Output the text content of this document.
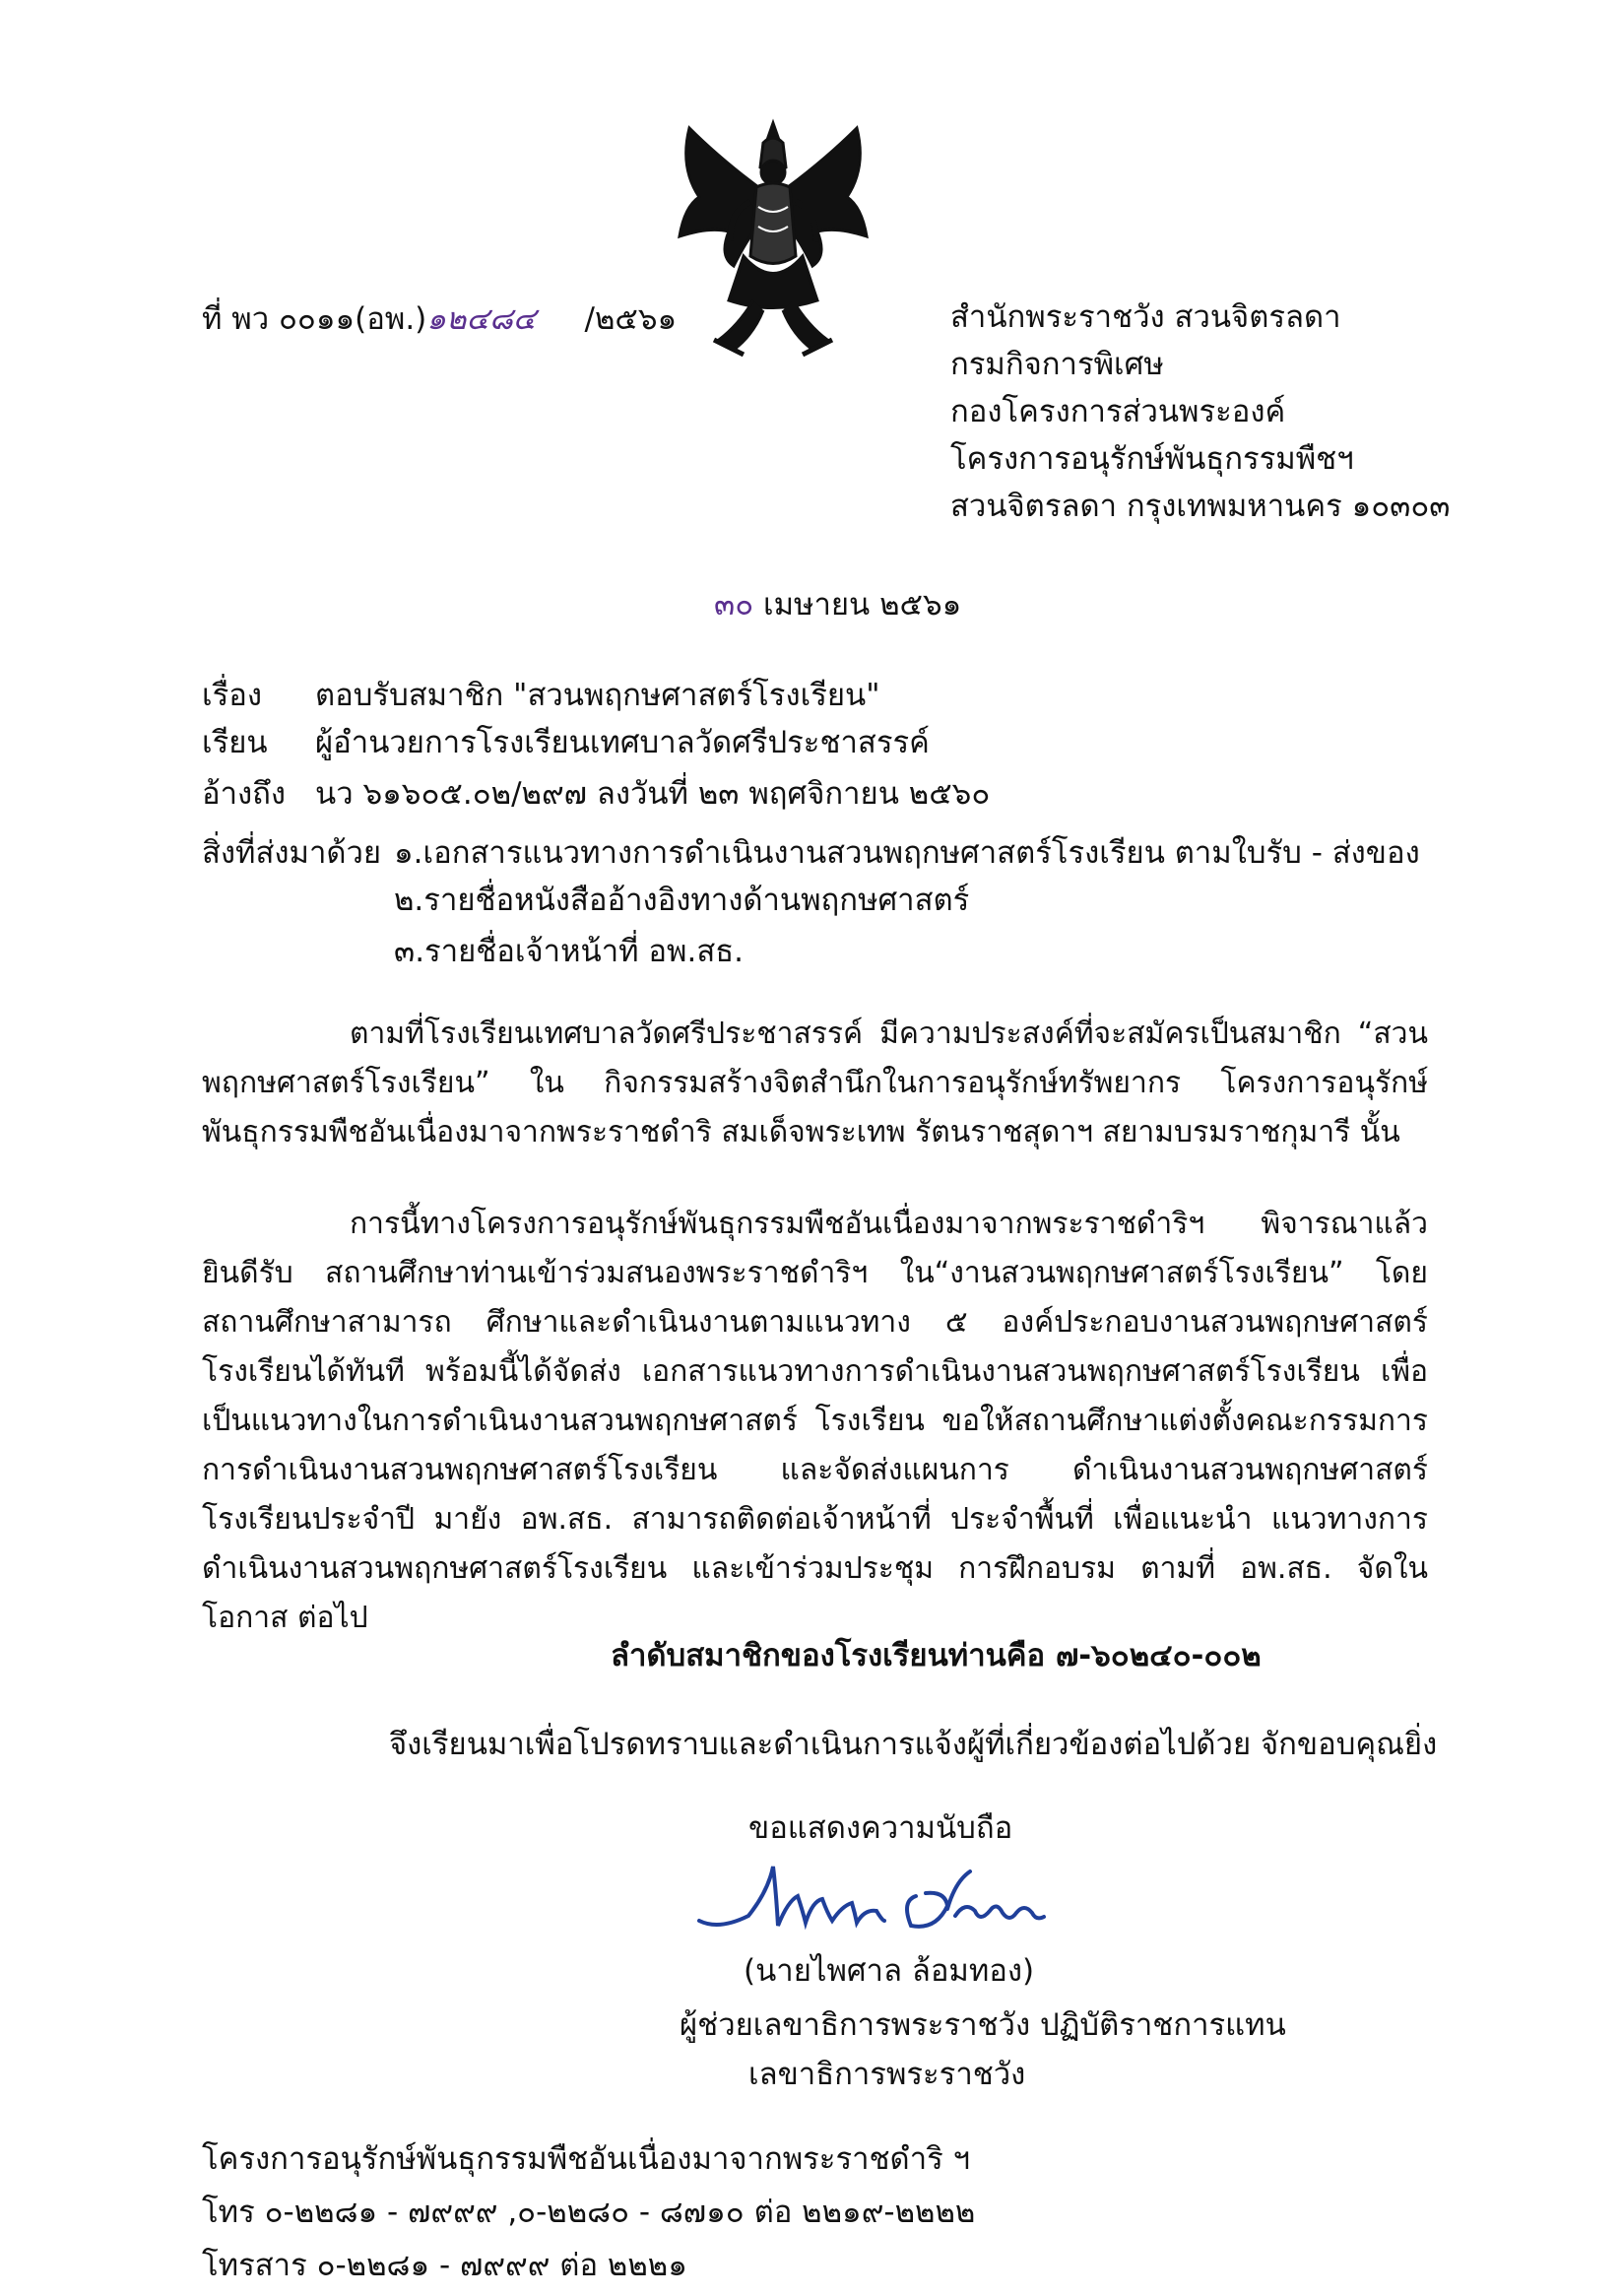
ที่ พว ๐๐๑๑(อพ.)๑๒๔๘๔ /๒๕๖๑	สำนักพระราชวัง สวนจิตรลดา
กรมกิจการพิเศษ
กองโครงการส่วนพระองค์
โครงการอนุรักษ์พันธุกรรมพืชฯ
สวนจิตรลดา กรุงเทพมหานคร ๑๐๓๐๓
๓๐ เมษายน ๒๕๖๑
เรื่อง ตอบรับสมาชิก "สวนพฤกษศาสตร์โรงเรียน"
เรียน ผู้อำนวยการโรงเรียนเทศบาลวัดศรีประชาสรรค์
อ้างถึง นว ๖๑๖๐๕.๐๒/๒๙๗ ลงวันที่ ๒๓ พฤศจิกายน ๒๕๖๐
สิ่งที่ส่งมาด้วย ๑.เอกสารแนวทางการดำเนินงานสวนพฤกษศาสตร์โรงเรียน ตามใบรับ - ส่งของ
๒.รายชื่อหนังสืออ้างอิงทางด้านพฤกษศาสตร์
๓.รายชื่อเจ้าหน้าที่ อพ.สธ.
ตามที่โรงเรียนเทศบาลวัดศรีประชาสรรค์ มีความประสงค์ที่จะสมัครเป็นสมาชิก “สวนพฤกษศาสตร์โรงเรียน” ใน กิจกรรมสร้างจิตสำนึกในการอนุรักษ์ทรัพยากร โครงการอนุรักษ์พันธุกรรมพืชอันเนื่องมาจากพระราชดำริ สมเด็จพระเทพ รัตนราชสุดาฯ สยามบรมราชกุมารี นั้น
การนี้ทางโครงการอนุรักษ์พันธุกรรมพืชอันเนื่องมาจากพระราชดำริฯ พิจารณาแล้ว ยินดีรับ สถานศึกษาท่านเข้าร่วมสนองพระราชดำริฯ ใน“งานสวนพฤกษศาสตร์โรงเรียน” โดยสถานศึกษาสามารถ ศึกษาและดำเนินงานตามแนวทาง ๕ องค์ประกอบงานสวนพฤกษศาสตร์โรงเรียนได้ทันที พร้อมนี้ได้จัดส่ง เอกสารแนวทางการดำเนินงานสวนพฤกษศาสตร์โรงเรียน เพื่อเป็นแนวทางในการดำเนินงานสวนพฤกษศาสตร์ โรงเรียน ขอให้สถานศึกษาแต่งตั้งคณะกรรมการการดำเนินงานสวนพฤกษศาสตร์โรงเรียน และจัดส่งแผนการ ดำเนินงานสวนพฤกษศาสตร์โรงเรียนประจำปี มายัง อพ.สธ. สามารถติดต่อเจ้าหน้าที่ ประจำพื้นที่ เพื่อแนะนำ แนวทางการดำเนินงานสวนพฤกษศาสตร์โรงเรียน และเข้าร่วมประชุม การฝึกอบรม ตามที่ อพ.สธ. จัดในโอกาส ต่อไป
ลำดับสมาชิกของโรงเรียนท่านคือ ๗-๖๐๒๔๐-๐๐๒
จึงเรียนมาเพื่อโปรดทราบและดำเนินการแจ้งผู้ที่เกี่ยวข้องต่อไปด้วย จักขอบคุณยิ่ง
ขอแสดงความนับถือ
(นายไพศาล ล้อมทอง)
ผู้ช่วยเลขาธิการพระราชวัง ปฏิบัติราชการแทน
เลขาธิการพระราชวัง
โครงการอนุรักษ์พันธุกรรมพืชอันเนื่องมาจากพระราชดำริ ฯ
โทร ๐-๒๒๘๑ - ๗๙๙๙ ,๐-๒๒๘๐ - ๘๗๑๐ ต่อ ๒๒๑๙-๒๒๒๒
โทรสาร ๐-๒๒๘๑ - ๗๙๙๙ ต่อ ๒๒๒๑
